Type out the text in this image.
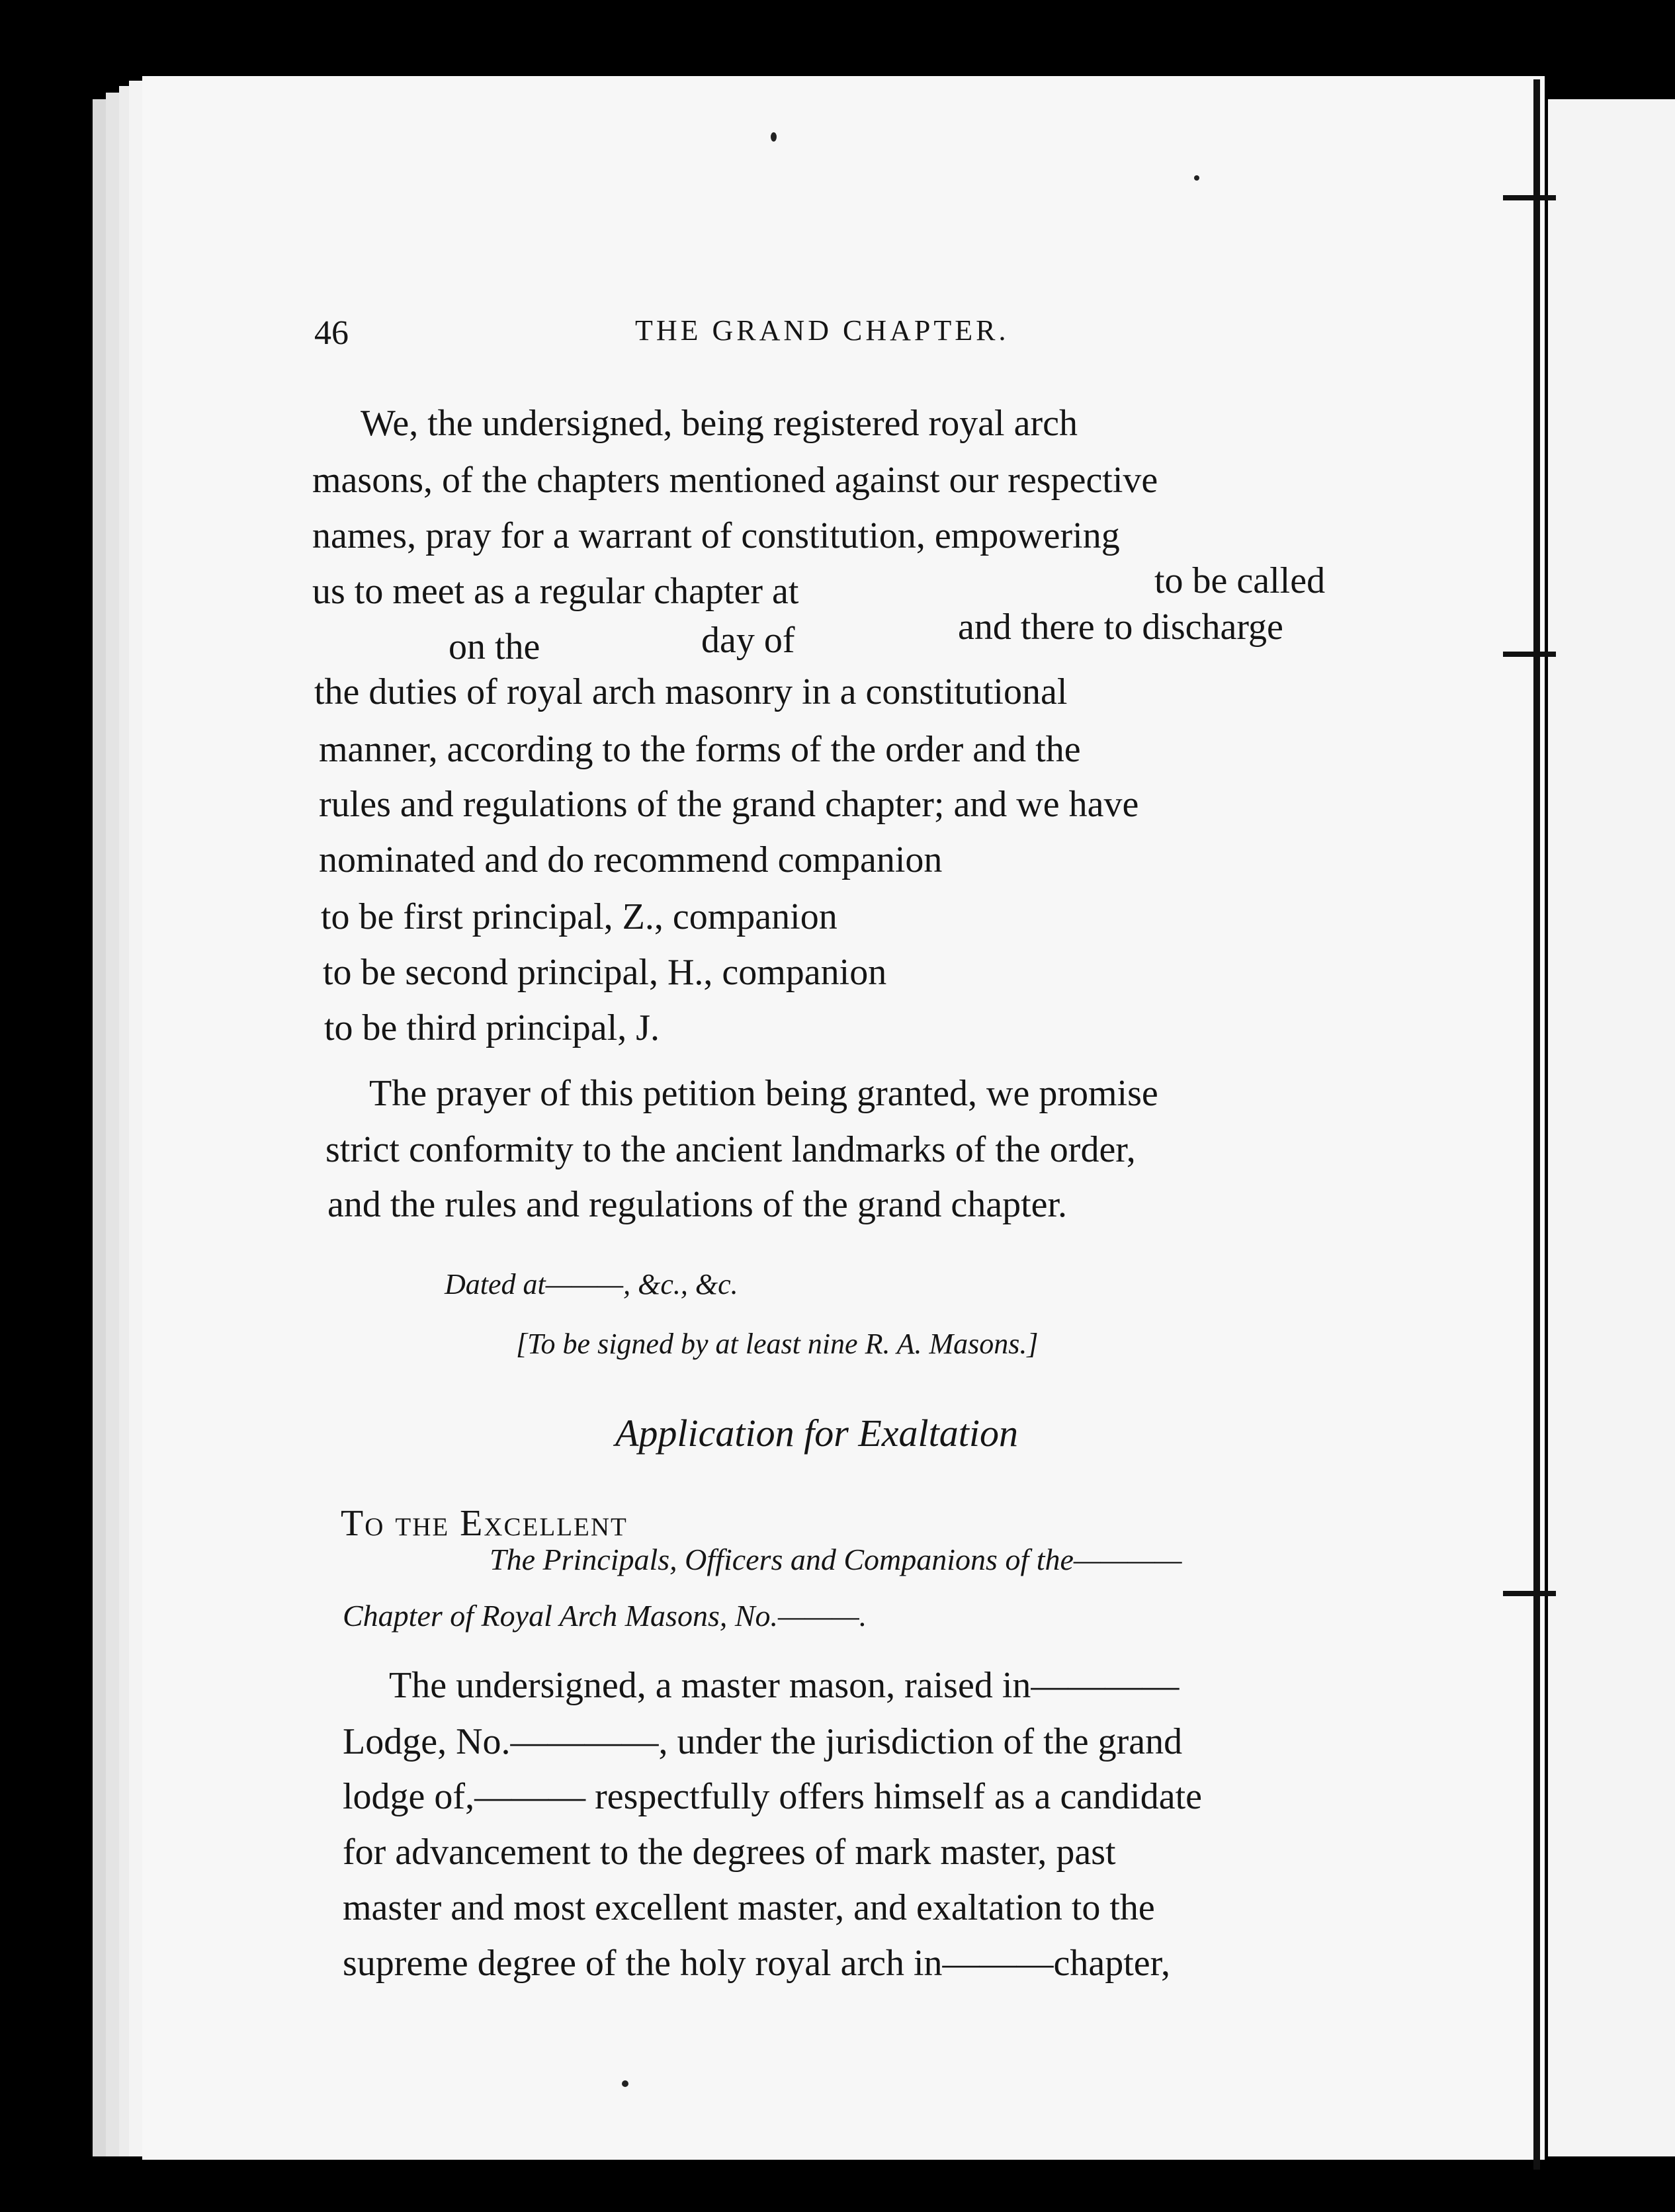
46	THE GRAND CHAPTER.
We, the undersigned, being registered royal arch
masons, of the chapters mentioned against our respective
names, pray for a warrant of constitution, empowering
us to meet as a regular chapter at	to be called
on the	day of	and there to discharge
the duties of royal arch masonry in a constitutional
manner, according to the forms of the order and the
rules and regulations of the grand chapter; and we have
nominated and do recommend companion
to be first principal, Z., companion
to be second principal, H., companion
to be third principal, J.
The prayer of this petition being granted, we promise
strict conformity to the ancient landmarks of the order,
and the rules and regulations of the grand chapter.
Dated at———, &c., &c.
[To be signed by at least nine R. A. Masons.]
Application for Exaltation
To the Excellent
The Principals, Officers and Companions of the————
Chapter of Royal Arch Masons, No.———.
The undersigned, a master mason, raised in————
Lodge, No.————, under the jurisdiction of the grand
lodge of,——— respectfully offers himself as a candidate
for advancement to the degrees of mark master, past
master and most excellent master, and exaltation to the
supreme degree of the holy royal arch in———chapter,
